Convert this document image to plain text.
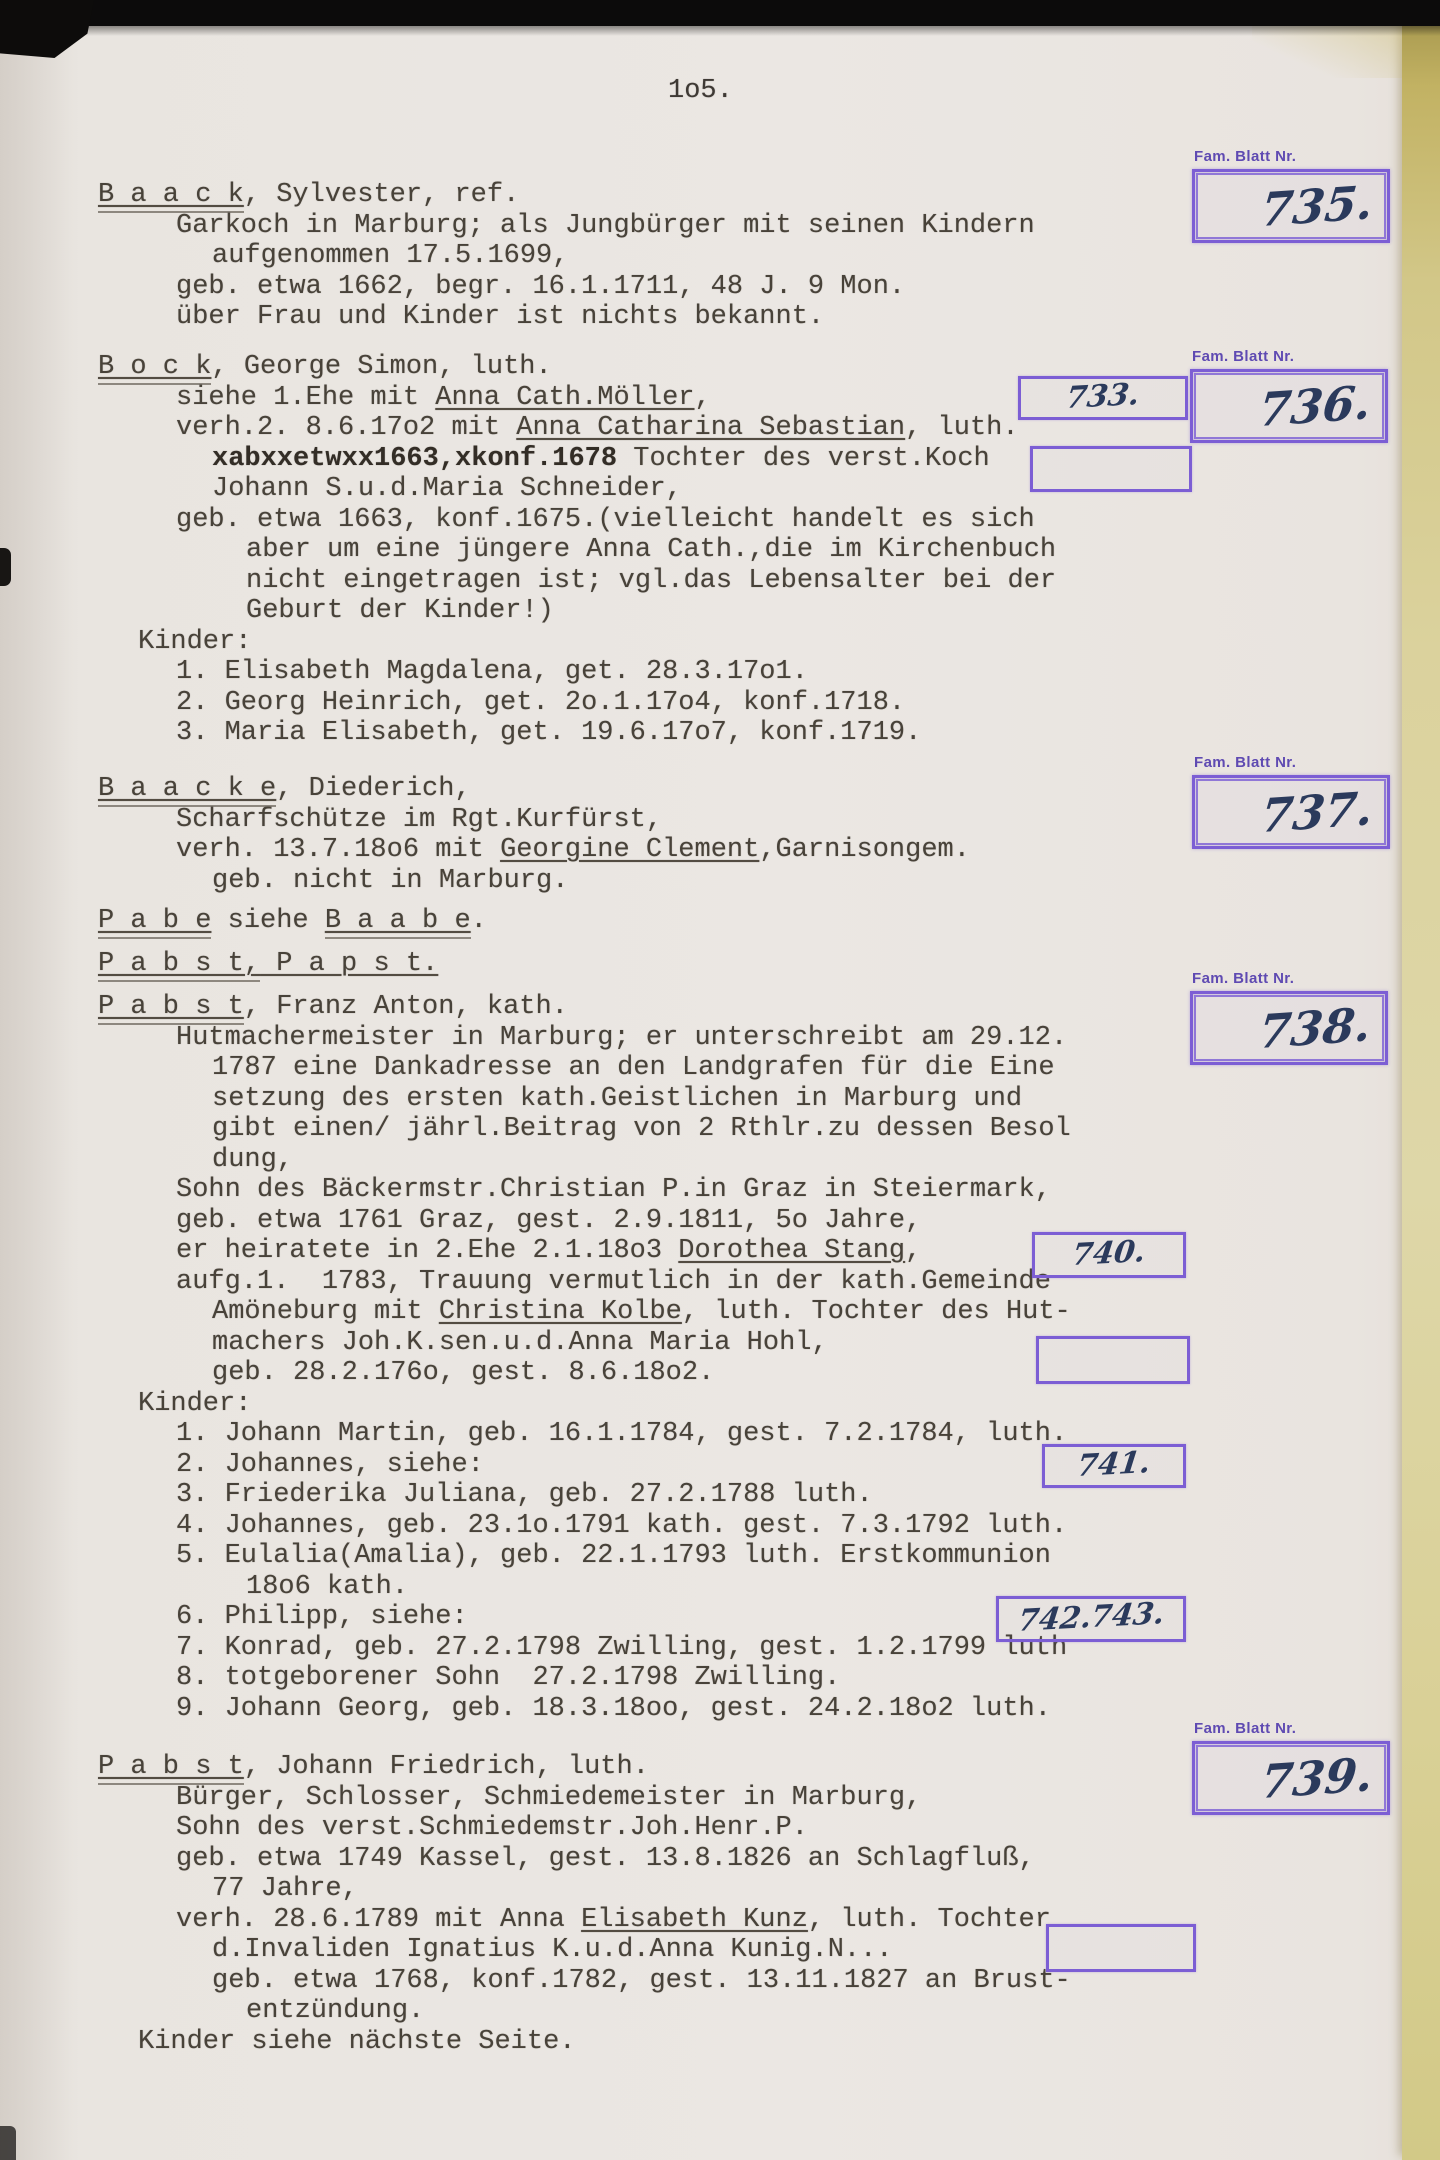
1o5.
B a a c k, Sylvester, ref.
Garkoch in Marburg; als Jungbürger mit seinen Kindern
aufgenommen 17.5.1699,
geb. etwa 1662, begr. 16.1.1711, 48 J. 9 Mon.
über Frau und Kinder ist nichts bekannt.
B o c k, George Simon, luth.
siehe 1.Ehe mit Anna Cath.Möller,
verh.2. 8.6.17o2 mit Anna Catharina Sebastian, luth.
xabxxetwxx1663,xkonf.1678 Tochter des verst.Koch
Johann S.u.d.Maria Schneider,
geb. etwa 1663, konf.1675.(vielleicht handelt es sich
aber um eine jüngere Anna Cath.,die im Kirchenbuch
nicht eingetragen ist; vgl.das Lebensalter bei der
Geburt der Kinder!)
Kinder:
1. Elisabeth Magdalena, get. 28.3.17o1.
2. Georg Heinrich, get. 2o.1.17o4, konf.1718.
3. Maria Elisabeth, get. 19.6.17o7, konf.1719.
B a a c k e, Diederich,
Scharfschütze im Rgt.Kurfürst,
verh. 13.7.18o6 mit Georgine Clement,Garnisongem.
geb. nicht in Marburg.
P a b e siehe B a a b e.
P a b s t, P a p s t.
P a b s t, Franz Anton, kath.
Hutmachermeister in Marburg; er unterschreibt am 29.12.
1787 eine Dankadresse an den Landgrafen für die Eine
setzung des ersten kath.Geistlichen in Marburg und
gibt einen/ jährl.Beitrag von 2 Rthlr.zu dessen Besol
dung,
Sohn des Bäckermstr.Christian P.in Graz in Steiermark,
geb. etwa 1761 Graz, gest. 2.9.1811, 5o Jahre,
er heiratete in 2.Ehe 2.1.18o3 Dorothea Stang,
aufg.1.  1783, Trauung vermutlich in der kath.Gemeinde
Amöneburg mit Christina Kolbe, luth. Tochter des Hut-
machers Joh.K.sen.u.d.Anna Maria Hohl,
geb. 28.2.176o, gest. 8.6.18o2.
Kinder:
1. Johann Martin, geb. 16.1.1784, gest. 7.2.1784, luth.
2. Johannes, siehe:
3. Friederika Juliana, geb. 27.2.1788 luth.
4. Johannes, geb. 23.1o.1791 kath. gest. 7.3.1792 luth.
5. Eulalia(Amalia), geb. 22.1.1793 luth. Erstkommunion
18o6 kath.
6. Philipp, siehe:
7. Konrad, geb. 27.2.1798 Zwilling, gest. 1.2.1799 luth
8. totgeborener Sohn  27.2.1798 Zwilling.
9. Johann Georg, geb. 18.3.18oo, gest. 24.2.18o2 luth.
P a b s t, Johann Friedrich, luth.
Bürger, Schlosser, Schmiedemeister in Marburg,
Sohn des verst.Schmiedemstr.Joh.Henr.P.
geb. etwa 1749 Kassel, gest. 13.8.1826 an Schlagfluß,
77 Jahre,
verh. 28.6.1789 mit Anna Elisabeth Kunz, luth. Tochter
d.Invaliden Ignatius K.u.d.Anna Kunig.N...
geb. etwa 1768, konf.1782, gest. 13.11.1827 an Brust-
entzündung.
Kinder siehe nächste Seite.
Fam. Blatt Nr.
735.
Fam. Blatt Nr.
736.
Fam. Blatt Nr.
737.
Fam. Blatt Nr.
738.
Fam. Blatt Nr.
739.
733.
740.
741.
742.743.
